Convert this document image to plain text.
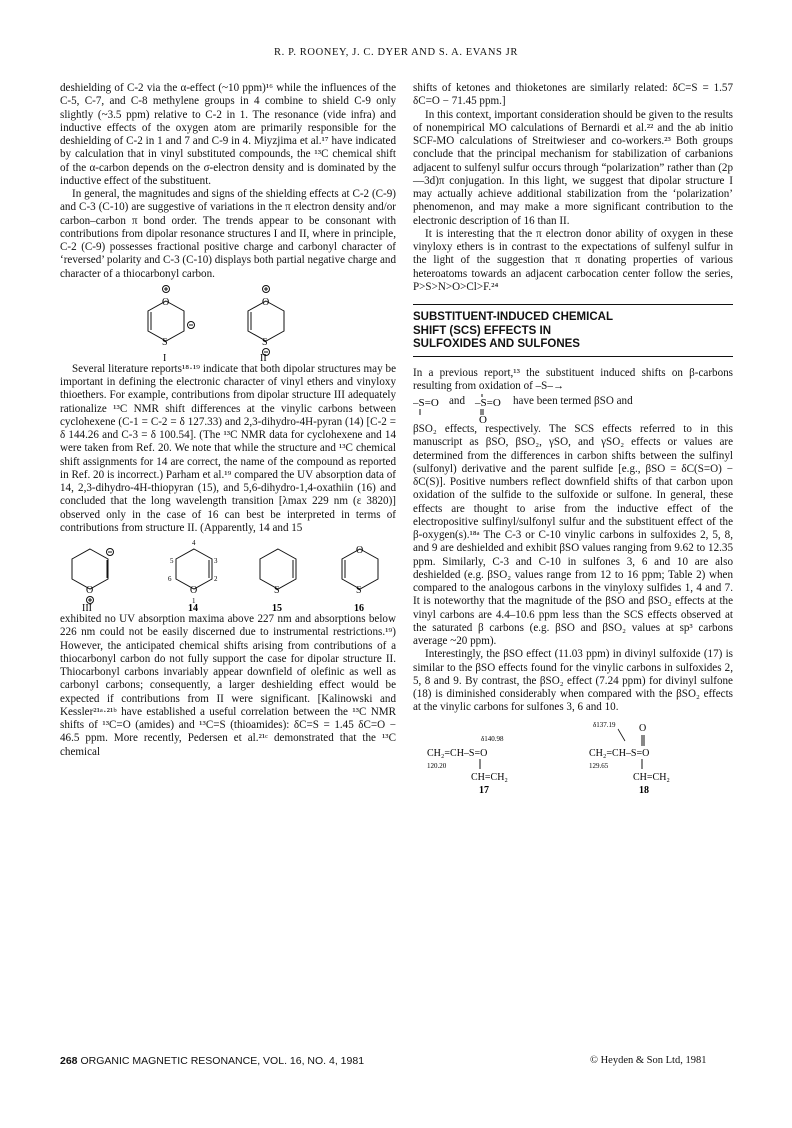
R. P. ROONEY, J. C. DYER AND S. A. EVANS JR

deshielding of C-2 via the α-effect (~10 ppm)¹⁶ while the influences of the C-5, C-7, and C-8 methylene groups in 4 combine to shield C-9 only slightly (~3.5 ppm) relative to C-2 in 1. The resonance (vide infra) and inductive effects of the oxygen atom are primarily responsible for the deshielding of C-2 in 1 and 7 and C-9 in 4. Miyzjima et al.¹⁷ have indicated by calculation that in vinyl substituted compounds, the ¹³C chemical shift of the α-carbon depends on the σ-electron density and is dominated by the inductive effect of the substituent.

In general, the magnitudes and signs of the shielding effects at C-2 (C-9) and C-3 (C-10) are suggestive of variations in the π electron density and/or carbon–carbon π bond order. The trends appear to be consonant with contributions from dipolar resonance structures I and II, where in principle, C-2 (C-9) possesses fractional positive charge and carbonyl character of ‘reversed’ polarity and C-3 (C-10) displays both partial negative charge and character of a thiocarbonyl carbon.

O
S
O
S
I	II

Several literature reports¹⁸·¹⁹ indicate that both dipolar structures may be important in defining the electronic character of vinyl ethers and vinyloxy thioethers. For example, contributions from dipolar structure III adequately rationalize ¹³C NMR shift differences at the vinylic carbons between cyclohexene (C-1 = C-2 = δ 127.33) and 2,3-dihydro-4H-pyran (14) [C-2 = δ 144.26 and C-3 = δ 100.54]. (The ¹³C NMR data for cyclohexene and 14 were taken from Ref. 20. We note that while the structure and ¹³C chemical shift assignments for 14 are correct, the name of the compound as reported in Ref. 20 is incorrect.) Parham et al.¹⁹ compared the UV absorption data of 14, 2,3-dihydro-4H-thiopyran (15), and 5,6-dihydro-1,4-oxathiin (16) and concluded that the long wavelength transition [λmax 229 nm (ε 3820)] observed only in the case of 16 can best be interpreted in terms of contributions from structure II. (Apparently, 14 and 15

O	O
4
3
2
5
6
1
S
O
S
III	14	15	16

exhibited no UV absorption maxima above 227 nm and absorptions below 226 nm could not be easily discerned due to instrumental restrictions.¹⁹) However, the anticipated chemical shifts arising from contributions of a thiocarbonyl carbon do not fully support the case for dipolar structure II. Thiocarbonyl carbons invariably appear downfield of olefinic as well as carbonyl carbons; consequently, a larger deshielding effect would be expected if contributions from II were significant. [Kalinowski and Kessler²¹ᵃ·²¹ᵇ have established a useful correlation between the ¹³C NMR shifts of ¹³C=O (amides) and ¹³C=S (thioamides): δC=S = 1.45 δC=O − 46.5 ppm. More recently, Pedersen et al.²¹ᶜ demonstrated that the ¹³C chemical

shifts of ketones and thioketones are similarly related: δC=S = 1.57 δC=O − 71.45 ppm.]

In this context, important consideration should be given to the results of nonempirical MO calculations of Bernardi et al.²² and the ab initio SCF-MO calculations of Streitwieser and co-workers.²³ Both groups conclude that the principal mechanism for stabilization of carbanions adjacent to sulfenyl sulfur occurs through “polarization” rather than (2p—3d)π conjugation. In this light, we suggest that dipolar structure I may actually achieve additional stabilization from the ‘polarization’ phenomenon, and may make a more significant contribution to the electronic description of 16 than II.

It is interesting that the π electron donor ability of oxygen in these vinyloxy ethers is in contrast to the expectations of sulfenyl sulfur in the light of the suggestion that π donating properties of various heteroatoms towards an adjacent carbocation center follow the series, P>S>N>O>Cl>F.²⁴

SUBSTITUENT-INDUCED CHEMICAL
SHIFT (SCS) EFFECTS IN
SULFOXIDES AND SULFONES

In a previous report,¹³ the substituent induced shifts on β-carbons resulting from oxidation of –S–→

–S=O	–S=O
O
and	have been termed βSO and

βSO₂ effects, respectively. The SCS effects referred to in this manuscript as βSO, βSO₂, γSO, and γSO₂ effects or values are determined from the differences in carbon shifts between the sulfinyl (sulfonyl) derivative and the parent sulfide [e.g., βSO = δC(S=O) − δC(S)]. Positive numbers reflect downfield shifts of that carbon upon oxidation of the sulfide to the sulfoxide or sulfone. In general, these effects are thought to arise from the inductive effect of the electropositive sulfinyl/sulfonyl sulfur and the substituent effect of the β-oxygen(s).¹⁸ᵃ The C-3 or C-10 vinylic carbons in sulfoxides 2, 5, 8, and 9 are deshielded and exhibit βSO values ranging from 9.62 to 12.35 ppm. Similarly, C-3 and C-10 in sulfones 3, 6 and 10 are also deshielded (e.g. βSO₂ values range from 12 to 16 ppm; Table 2) when compared to the analogous carbons in the vinyloxy sulfides 1, 4 and 7. It is noteworthy that the magnitude of the βSO and βSO₂ effects at the vinyl carbons are 4.4–10.6 ppm less than the SCS effects observed at the saturated β carbons (e.g. βSO and βSO₂ values at sp³ carbons average ~20 ppm).

Interestingly, the βSO effect (11.03 ppm) in divinyl sulfoxide (17) is similar to the βSO effects found for the vinylic carbons in sulfoxides 2, 5, 8 and 9. By contrast, the βSO₂ effect (7.24 ppm) for divinyl sulfone (18) is diminished considerably when compared with the βSO₂ effects at the vinylic carbons for sulfones 3, 6 and 10.

δ140.98
CH₂=CH–S=O
120.20
CH=CH₂
17
δ137.19 O
CH₂=CH–S=O
129.65
CH=CH₂
18
268 ORGANIC MAGNETIC RESONANCE, VOL. 16, NO. 4, 1981	© Heyden & Son Ltd, 1981
